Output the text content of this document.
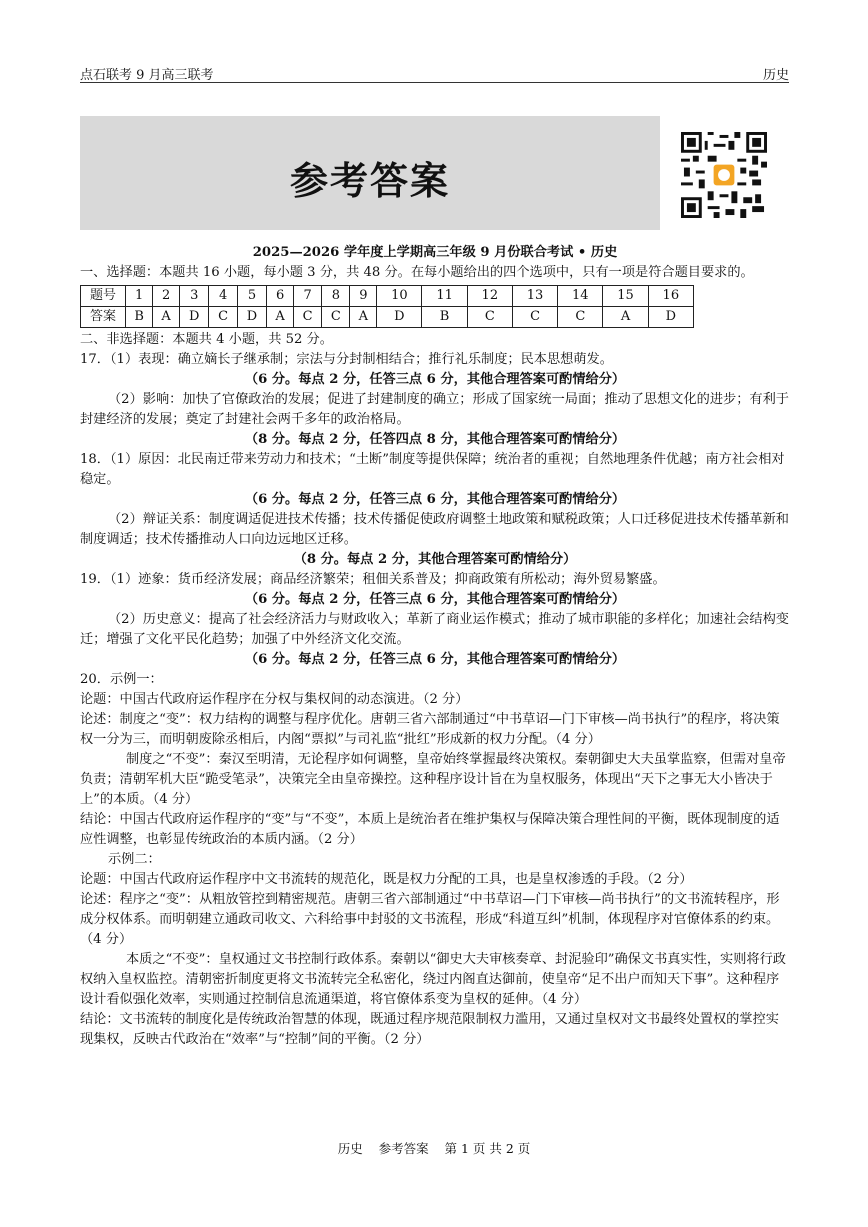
点石联考 9 月高三联考	历史
参考答案

2025—2026 学年度上学期高三年级 9 月份联合考试 • 历史

一、选择题：本题共 16 小题，每小题 3 分，共 48 分。在每小题给出的四个选项中，只有一项是符合题目要求的。

题号	1	2	3	4	5	6	7	8	9	10	11	12	13	14	15	16
答案	B	A	D	C	D	A	C	C	A	D	B	C	C	C	A	D

二、非选择题：本题共 4 小题，共 52 分。

17．（1）表现：确立嫡长子继承制；宗法与分封制相结合；推行礼乐制度；民本思想萌发。

（6 分。每点 2 分，任答三点 6 分，其他合理答案可酌情给分）

（2）影响：加快了官僚政治的发展；促进了封建制度的确立；形成了国家统一局面；推动了思想文化的进步；有利于封建经济的发展；奠定了封建社会两千多年的政治格局。

（8 分。每点 2 分，任答四点 8 分，其他合理答案可酌情给分）

18．（1）原因：北民南迁带来劳动力和技术；“土断”制度等提供保障；统治者的重视；自然地理条件优越；南方社会相对稳定。

（6 分。每点 2 分，任答三点 6 分，其他合理答案可酌情给分）

（2）辩证关系：制度调适促进技术传播；技术传播促使政府调整土地政策和赋税政策；人口迁移促进技术传播革新和制度调适；技术传播推动人口向边远地区迁移。

（8 分。每点 2 分，其他合理答案可酌情给分）

19．（1）迹象：货币经济发展；商品经济繁荣；租佃关系普及；抑商政策有所松动；海外贸易繁盛。

（6 分。每点 2 分，任答三点 6 分，其他合理答案可酌情给分）

（2）历史意义：提高了社会经济活力与财政收入；革新了商业运作模式；推动了城市职能的多样化；加速社会结构变迁；增强了文化平民化趋势；加强了中外经济文化交流。

（6 分。每点 2 分，任答三点 6 分，其他合理答案可酌情给分）

20．示例一：

论题：中国古代政府运作程序在分权与集权间的动态演进。（2 分）

论述：制度之“变”：权力结构的调整与程序优化。唐朝三省六部制通过“中书草诏—门下审核—尚书执行”的程序，将决策权一分为三，而明朝废除丞相后，内阁“票拟”与司礼监“批红”形成新的权力分配。（4 分）

制度之“不变”：秦汉至明清，无论程序如何调整，皇帝始终掌握最终决策权。秦朝御史大夫虽掌监察，但需对皇帝负责；清朝军机大臣“跪受笔录”，决策完全由皇帝操控。这种程序设计旨在为皇权服务，体现出“天下之事无大小皆决于上”的本质。（4 分）

结论：中国古代政府运作程序的“变”与“不变”，本质上是统治者在维护集权与保障决策合理性间的平衡，既体现制度的适应性调整，也彰显传统政治的本质内涵。（2 分）

示例二：

论题：中国古代政府运作程序中文书流转的规范化，既是权力分配的工具，也是皇权渗透的手段。（2 分）

论述：程序之“变”：从粗放管控到精密规范。唐朝三省六部制通过“中书草诏—门下审核—尚书执行”的文书流转程序，形成分权体系。而明朝建立通政司收文、六科给事中封驳的文书流程，形成“科道互纠”机制，体现程序对官僚体系的约束。（4 分）

本质之“不变”：皇权通过文书控制行政体系。秦朝以“御史大夫审核奏章、封泥验印”确保文书真实性，实则将行政权纳入皇权监控。清朝密折制度更将文书流转完全私密化，绕过内阁直达御前，使皇帝“足不出户而知天下事”。这种程序设计看似强化效率，实则通过控制信息流通渠道，将官僚体系变为皇权的延伸。（4 分）

结论：文书流转的制度化是传统政治智慧的体现，既通过程序规范限制权力滥用，又通过皇权对文书最终处置权的掌控实现集权，反映古代政治在“效率”与“控制”间的平衡。（2 分）

历史    参考答案    第 1 页 共 2 页
